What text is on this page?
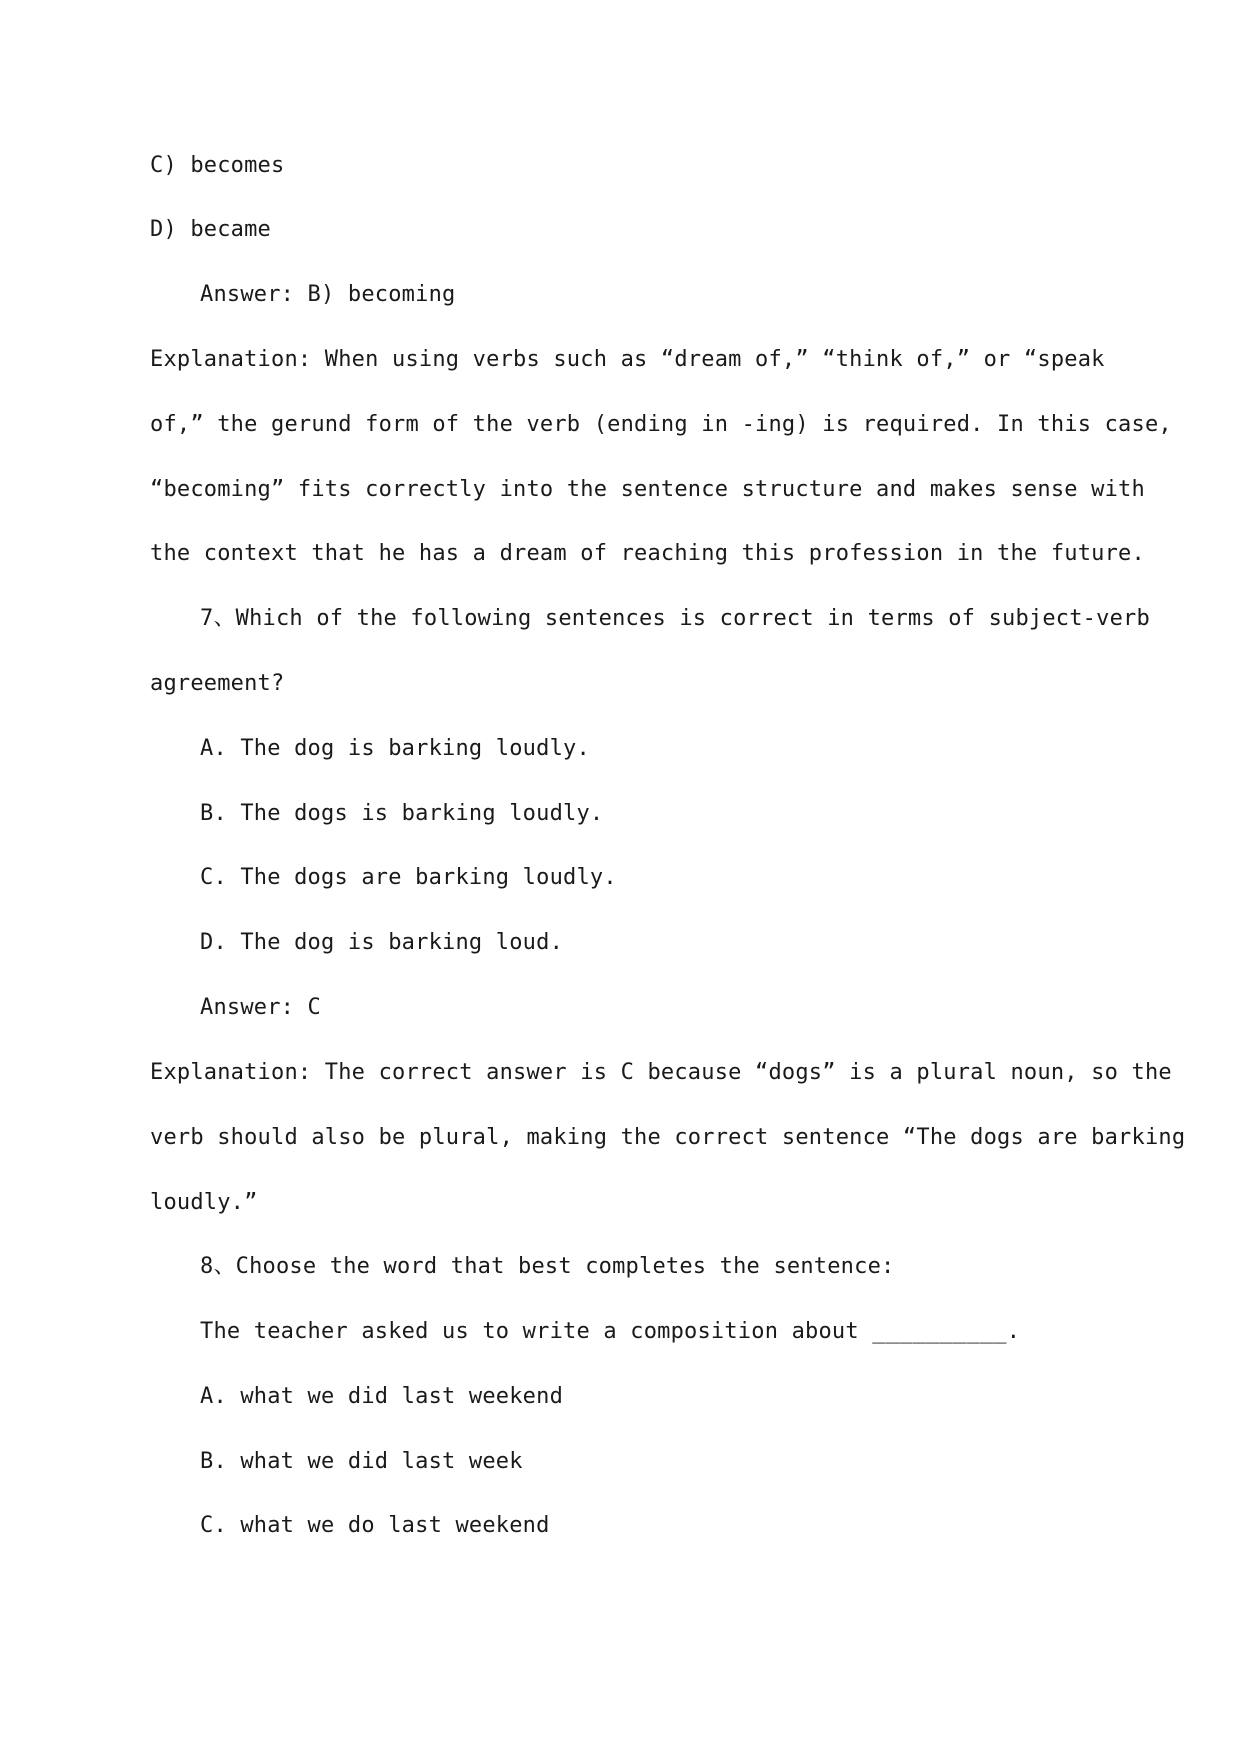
C) becomes

D) became

Answer: B) becoming

Explanation: When using verbs such as “dream of,” “think of,” or “speak

of,” the gerund form of the verb (ending in -ing) is required. In this case,

“becoming” fits correctly into the sentence structure and makes sense with

the context that he has a dream of reaching this profession in the future.

7、Which of the following sentences is correct in terms of subject-verb

agreement?

A. The dog is barking loudly.

B. The dogs is barking loudly.

C. The dogs are barking loudly.

D. The dog is barking loud.

Answer: C

Explanation: The correct answer is C because “dogs” is a plural noun, so the

verb should also be plural, making the correct sentence “The dogs are barking

loudly.”

8、Choose the word that best completes the sentence:

The teacher asked us to write a composition about __________.

A. what we did last weekend

B. what we did last week

C. what we do last weekend
